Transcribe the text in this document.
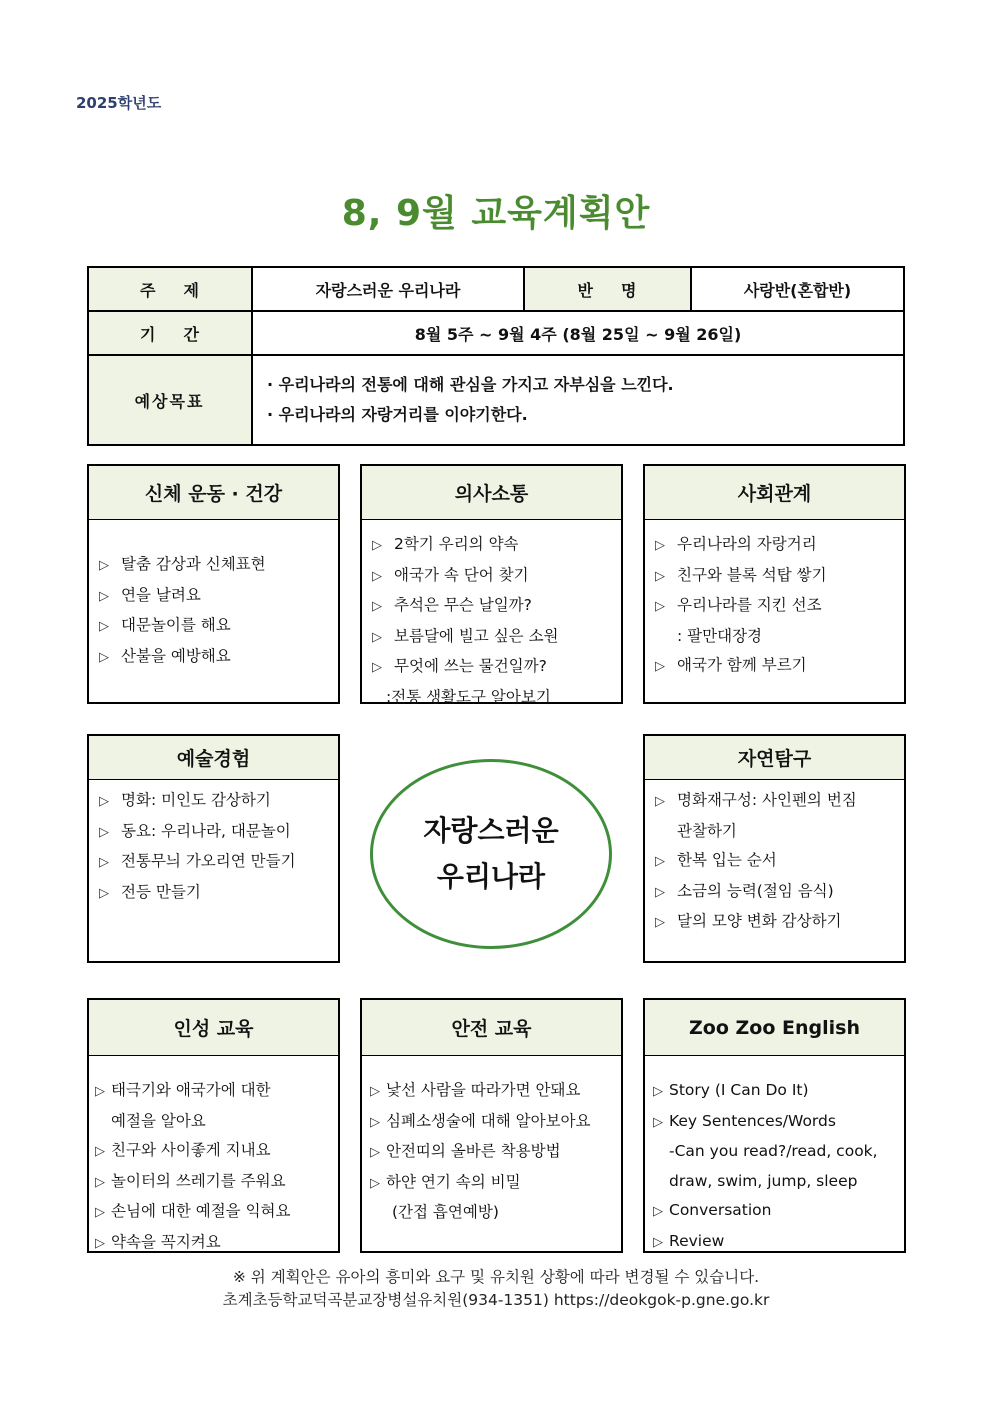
2025학년도
8, 9월 교육계획안
주제	자랑스러운 우리나라	반명	사랑반(혼합반)
기간	8월 5주 ~ 9월 4주 (8월 25일 ~ 9월 26일)		
예상목표	· 우리나라의 전통에 대해 관심을 가지고 자부심을 느낀다.
· 우리나라의 자랑거리를 이야기한다.		
신체 운동 · 건강
▷ 탈춤 감상과 신체표현
▷ 연을 날려요
▷ 대문놀이를 해요
▷ 산불을 예방해요
의사소통
▷ 2학기 우리의 약속
▷ 애국가 속 단어 찾기
▷ 추석은 무슨 날일까?
▷ 보름달에 빌고 싶은 소원
▷ 무엇에 쓰는 물건일까?
:전통 생활도구 알아보기
사회관계
▷ 우리나라의 자랑거리
▷ 친구와 블록 석탑 쌓기
▷ 우리나라를 지킨 선조
: 팔만대장경
▷ 애국가 함께 부르기
예술경험
▷ 명화: 미인도 감상하기
▷ 동요: 우리나라, 대문놀이
▷ 전통무늬 가오리연 만들기
▷ 전등 만들기
자랑스러운
우리나라
자연탐구
▷ 명화재구성: 사인펜의 번짐
관찰하기
▷ 한복 입는 순서
▷ 소금의 능력(절임 음식)
▷ 달의 모양 변화 감상하기
인성 교육
▷ 태극기와 애국가에 대한
예절을 알아요
▷ 친구와 사이좋게 지내요
▷ 놀이터의 쓰레기를 주워요
▷ 손님에 대한 예절을 익혀요
▷ 약속을 꼭지켜요
안전 교육
▷ 낯선 사람을 따라가면 안돼요
▷ 심폐소생술에 대해 알아보아요
▷ 안전띠의 올바른 착용방법
▷ 하얀 연기 속의 비밀
(간접 흡연예방)
Zoo Zoo English
▷ Story (I Can Do It)
▷ Key Sentences/Words
-Can you read?/read, cook,
draw, swim, jump, sleep
▷ Conversation
▷ Review
※ 위 계획안은 유아의 흥미와 요구 및 유치원 상황에 따라 변경될 수 있습니다.
초계초등학교덕곡분교장병설유치원(934-1351) https://deokgok-p.gne.go.kr
